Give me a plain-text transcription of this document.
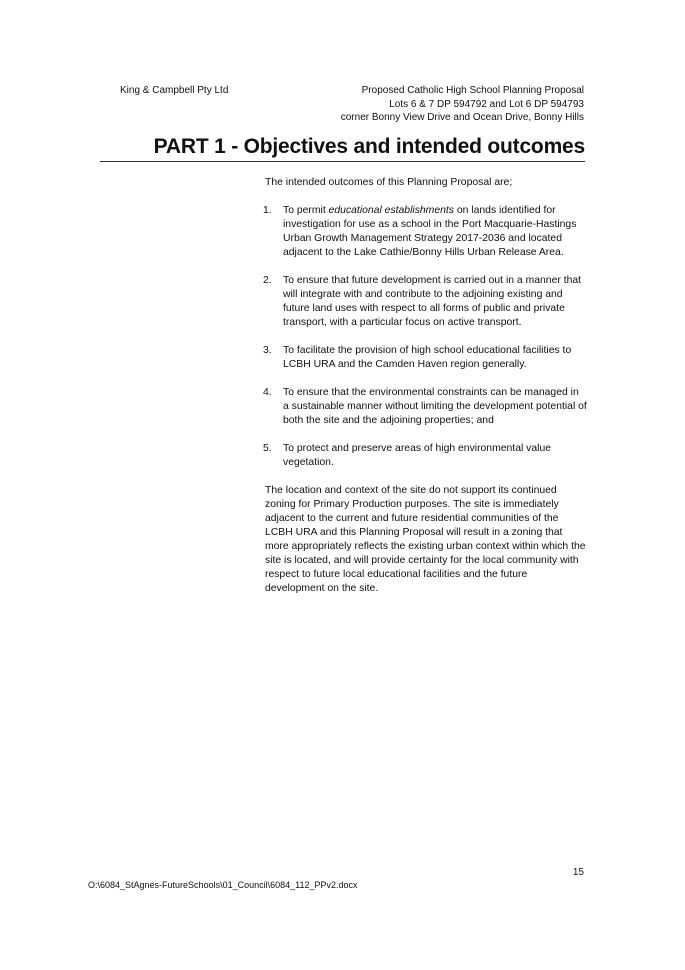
King & Campbell Pty Ltd	Proposed Catholic High School Planning Proposal
Lots 6 & 7 DP 594792 and Lot 6 DP 594793
corner Bonny View Drive and Ocean Drive, Bonny Hills
PART 1 - Objectives and intended outcomes

The intended outcomes of this Planning Proposal are;

1. To permit educational establishments on lands identified for investigation for use as a school in the Port Macquarie-Hastings Urban Growth Management Strategy 2017-2036 and located adjacent to the Lake Cathie/Bonny Hills Urban Release Area.
2. To ensure that future development is carried out in a manner that will integrate with and contribute to the adjoining existing and future land uses with respect to all forms of public and private transport, with a particular focus on active transport.
3. To facilitate the provision of high school educational facilities to LCBH URA and the Camden Haven region generally.
4. To ensure that the environmental constraints can be managed in a sustainable manner without limiting the development potential of both the site and the adjoining properties; and
5. To protect and preserve areas of high environmental value vegetation.

The location and context of the site do not support its continued zoning for Primary Production purposes. The site is immediately adjacent to the current and future residential communities of the LCBH URA and this Planning Proposal will result in a zoning that more appropriately reflects the existing urban context within which the site is located, and will provide certainty for the local community with respect to future local educational facilities and the future development on the site.

15
O:\6084_StAgnes-FutureSchools\01_Council\6084_112_PPv2.docx
